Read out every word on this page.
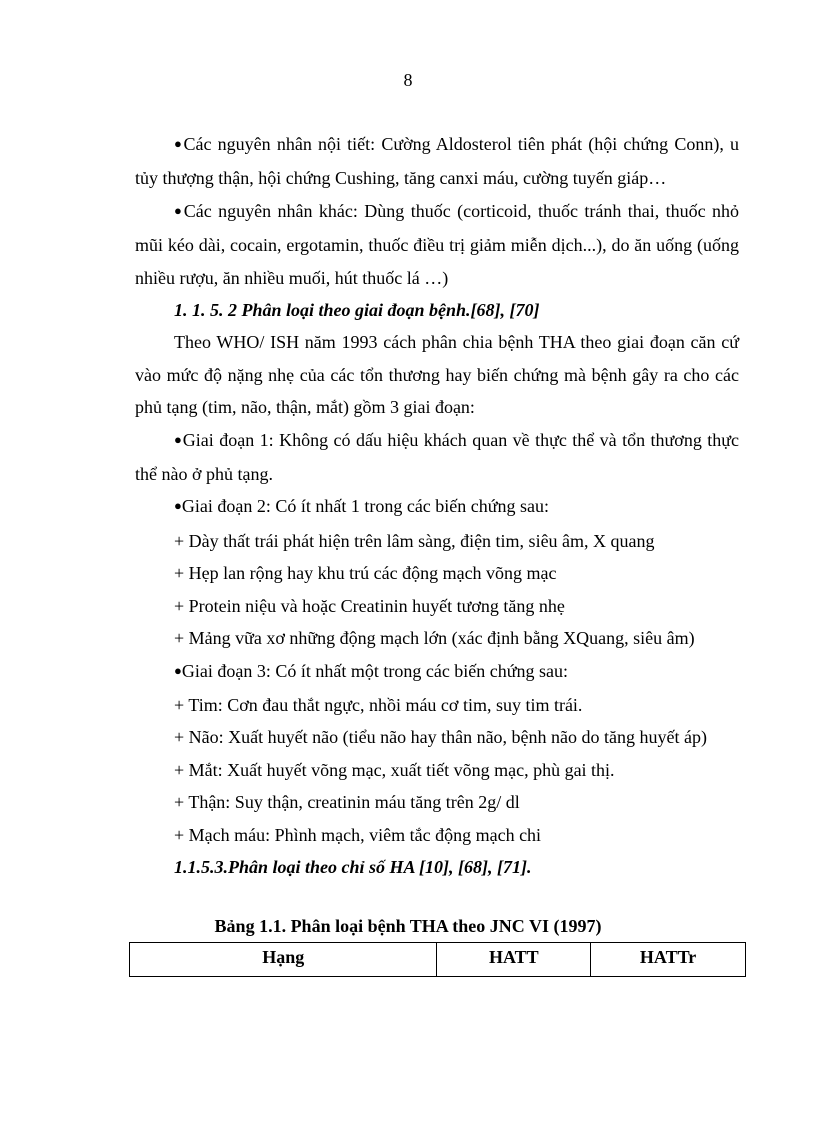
8

●Các nguyên nhân nội tiết: Cường Aldosterol tiên phát (hội chứng Conn), u tủy thượng thận, hội chứng Cushing, tăng canxi máu, cường tuyến giáp…

●Các nguyên nhân khác: Dùng thuốc (corticoid, thuốc tránh thai, thuốc nhỏ mũi kéo dài, cocain, ergotamin, thuốc điều trị giảm miễn dịch...), do ăn uống (uống nhiều rượu, ăn nhiều muối, hút thuốc lá …)

1. 1. 5. 2 Phân loại theo giai đoạn bệnh.[68], [70]

Theo WHO/ ISH năm 1993 cách phân chia bệnh THA theo giai đoạn căn cứ vào mức độ nặng nhẹ của các tổn thương hay biến chứng mà bệnh gây ra cho các phủ tạng (tim, não, thận, mắt) gồm 3 giai đoạn:

●Giai đoạn 1: Không có dấu hiệu khách quan về thực thể và tổn thương thực thể nào ở phủ tạng.

●Giai đoạn 2: Có ít nhất 1 trong các biến chứng sau:

+ Dày thất trái phát hiện trên lâm sàng, điện tim, siêu âm, X quang

+ Hẹp lan rộng hay khu trú các động mạch võng mạc

+ Protein niệu và hoặc Creatinin huyết tương tăng nhẹ

+ Mảng vữa xơ những động mạch lớn (xác định bằng XQuang, siêu âm)

●Giai đoạn 3: Có ít nhất một trong các biến chứng sau:

+ Tim: Cơn đau thắt ngực, nhồi máu cơ tim, suy tim trái.

+ Não: Xuất huyết não (tiểu não hay thân não, bệnh não do tăng huyết áp)

+ Mắt: Xuất huyết võng mạc, xuất tiết võng mạc, phù gai thị.

+ Thận: Suy thận, creatinin máu tăng trên 2g/ dl

+ Mạch máu: Phình mạch, viêm tắc động mạch chi

1.1.5.3.Phân loại theo chỉ số HA [10], [68], [71].

Bảng 1.1. Phân loại bệnh THA theo JNC VI (1997)
Hạng	HATT	HATTr
